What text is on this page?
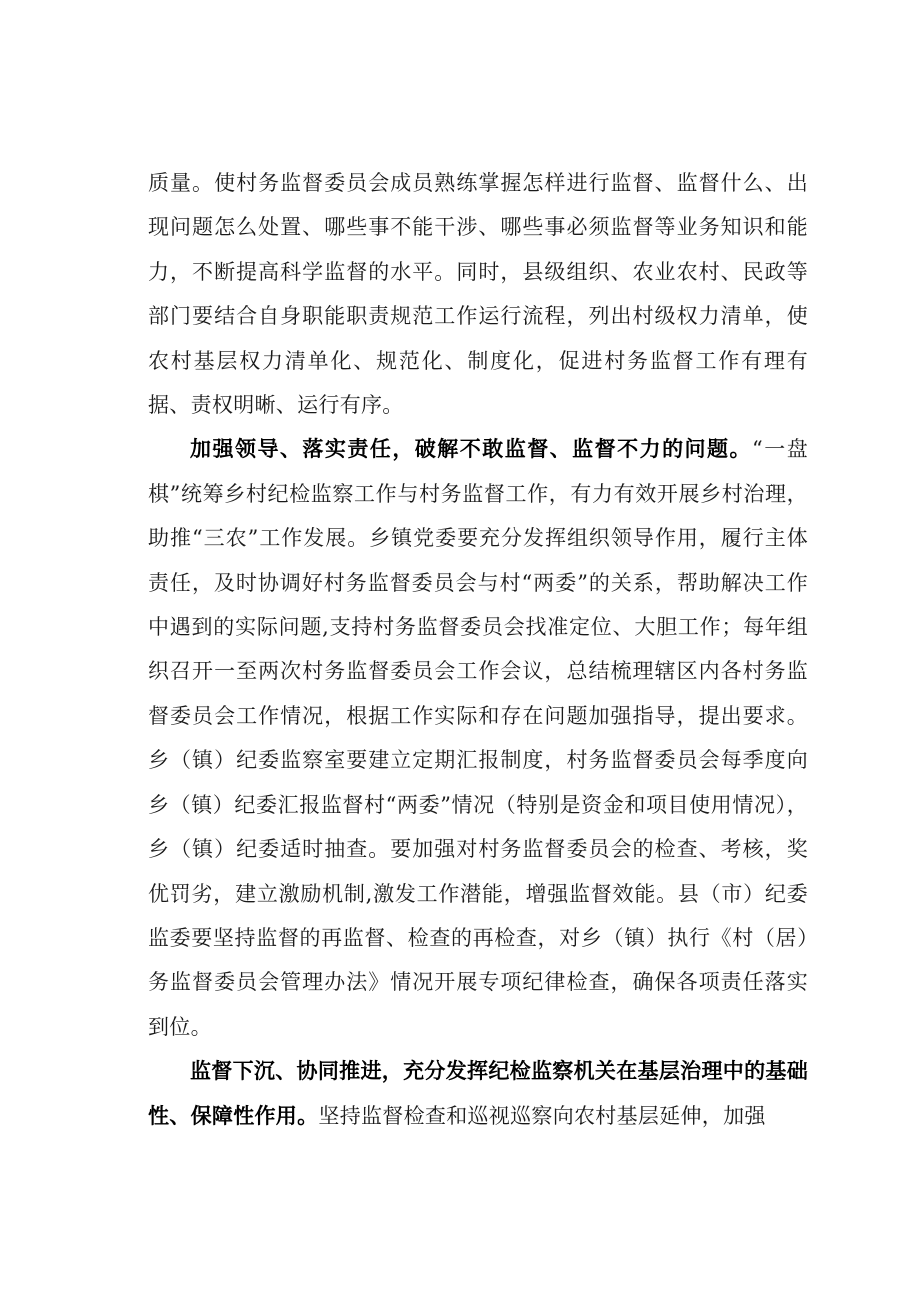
质量。使村务监督委员会成员熟练掌握怎样进行监督、监督什么、出现问题怎么处置、哪些事不能干涉、哪些事必须监督等业务知识和能力，不断提高科学监督的水平。同时，县级组织、农业农村、民政等部门要结合自身职能职责规范工作运行流程，列出村级权力清单，使农村基层权力清单化、规范化、制度化，促进村务监督工作有理有据、责权明晰、运行有序。

加强领导、落实责任，破解不敢监督、监督不力的问题。“一盘棋”统筹乡村纪检监察工作与村务监督工作，有力有效开展乡村治理，助推“三农”工作发展。乡镇党委要充分发挥组织领导作用，履行主体责任，及时协调好村务监督委员会与村“两委”的关系，帮助解决工作中遇到的实际问题,支持村务监督委员会找准定位、大胆工作；每年组织召开一至两次村务监督委员会工作会议，总结梳理辖区内各村务监督委员会工作情况，根据工作实际和存在问题加强指导，提出要求。乡（镇）纪委监察室要建立定期汇报制度，村务监督委员会每季度向乡（镇）纪委汇报监督村“两委”情况（特别是资金和项目使用情况），乡（镇）纪委适时抽查。要加强对村务监督委员会的检查、考核，奖优罚劣，建立激励机制,激发工作潜能，增强监督效能。县（市）纪委监委要坚持监督的再监督、检查的再检查，对乡（镇）执行《村（居）务监督委员会管理办法》情况开展专项纪律检查，确保各项责任落实到位。

监督下沉、协同推进，充分发挥纪检监察机关在基层治理中的基础性、保障性作用。坚持监督检查和巡视巡察向农村基层延伸，加强
